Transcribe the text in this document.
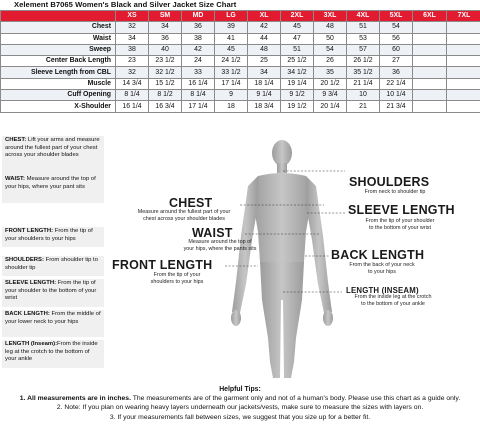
Xelement B7065 Women's Black and Silver Jacket Size Chart
	XS	SM	MD	LG	XL	2XL	3XL	4XL	5XL	6XL	7XL
Chest	32	34	36	39	42	45	48	51	54		
Waist	34	36	38	41	44	47	50	53	56		
Sweep	38	40	42	45	48	51	54	57	60		
Center Back Length	23	23 1/2	24	24 1/2	25	25 1/2	26	26 1/2	27		
Sleeve Length from CBL	32	32 1/2	33	33 1/2	34	34 1/2	35	35 1/2	36		
Muscle	14 3/4	15 1/2	16 1/4	17 1/4	18 1/4	19 1/4	20 1/2	21 1/4	22 1/4		
Cuff Opening	8 1/4	8 1/2	8 1/4	9	9 1/4	9 1/2	9 3/4	10	10 1/4		
X-Shoulder	16 1/4	16 3/4	17 1/4	18	18 3/4	19 1/2	20 1/4	21	21 3/4		
CHEST: Lift your arms and measure around the fullest part of your chest across your shoulder blades
WAIST: Measure around the top of your hips, where your pant sits
FRONT LENGTH: From the tip of your shoulders to your hips
SHOULDERS: From shoulder tip to shoulder tip
SLEEVE LENGTH: From the tip of your shoulder to the bottom of your wrist
BACK LENGTH: From the middle of your lower neck to your hips
LENGTH (Inseam):From the inside leg at the crotch to the bottom of your ankle
CHEST
Measure around the fullest part of your
chest across your shoulder blades
WAIST
Measure around the top of
your hips, where the pants sits
FRONT LENGTH
From the tip of your
shoulders to your hips
SHOULDERS
From neck to shoulder tip
SLEEVE LENGTH
From the tip of your shoulder
to the bottom of your wrist
BACK LENGTH
From the back of your neck
to your hips
LENGTH (INSEAM)
From the inside leg at the crotch
to the bottom of your ankle
Helpful Tips:
1. All measurements are in inches. The measurements are of the garment only and not of a human's body. Please use this chart as a guide only.
2. Note: If you plan on wearing heavy layers underneath our jackets/vests, make sure to measure the sizes with layers on.
3. If your measurements fall between sizes, we suggest that you size up for a better fit.
